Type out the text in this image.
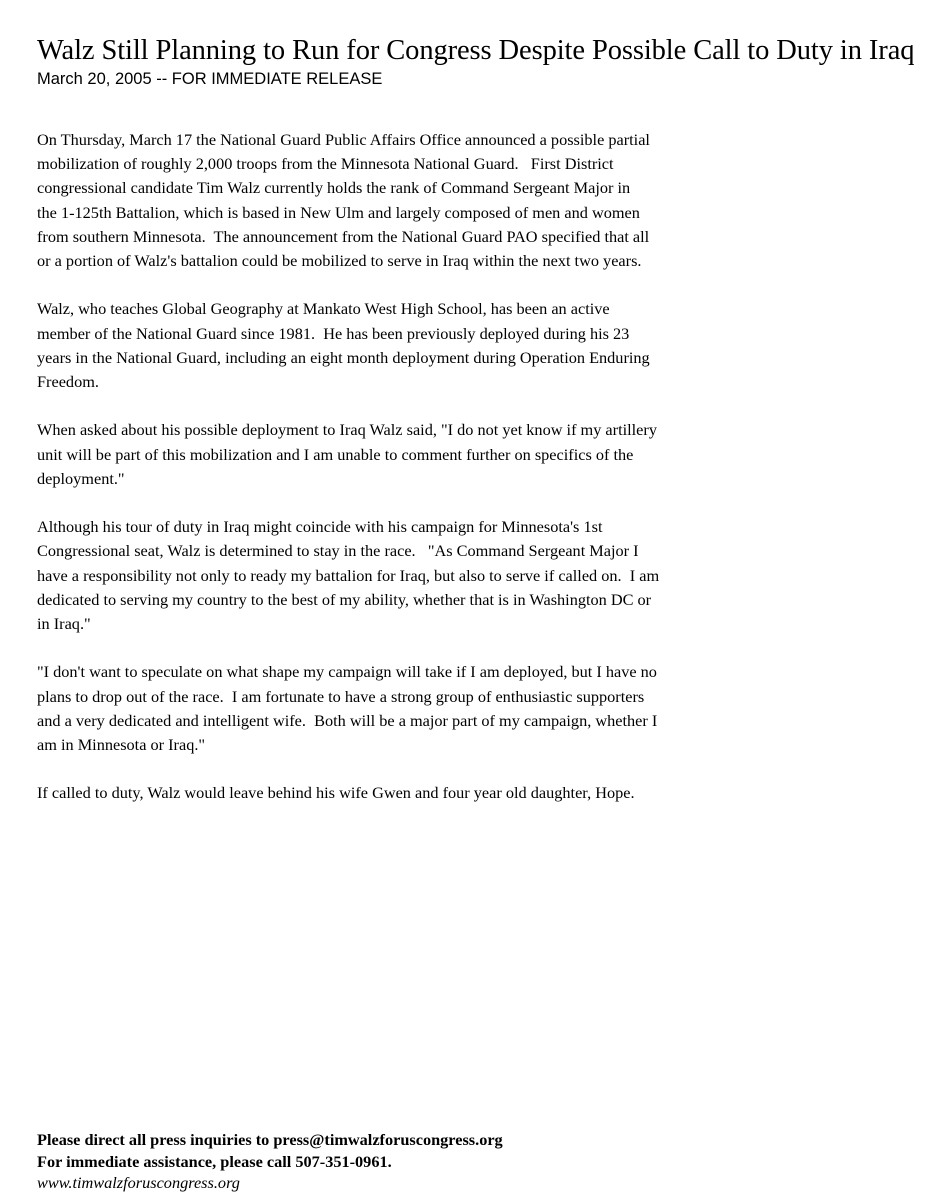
Walz Still Planning to Run for Congress Despite Possible Call to Duty in Iraq
March 20, 2005 -- FOR IMMEDIATE RELEASE

On Thursday, March 17 the National Guard Public Affairs Office announced a possible partial
mobilization of roughly 2,000 troops from the Minnesota National Guard.   First District
congressional candidate Tim Walz currently holds the rank of Command Sergeant Major in
the 1-125th Battalion, which is based in New Ulm and largely composed of men and women
from southern Minnesota.  The announcement from the National Guard PAO specified that all
or a portion of Walz's battalion could be mobilized to serve in Iraq within the next two years.

Walz, who teaches Global Geography at Mankato West High School, has been an active
member of the National Guard since 1981.  He has been previously deployed during his 23
years in the National Guard, including an eight month deployment during Operation Enduring
Freedom.

When asked about his possible deployment to Iraq Walz said, "I do not yet know if my artillery
unit will be part of this mobilization and I am unable to comment further on specifics of the
deployment."

Although his tour of duty in Iraq might coincide with his campaign for Minnesota's 1st
Congressional seat, Walz is determined to stay in the race.   "As Command Sergeant Major I
have a responsibility not only to ready my battalion for Iraq, but also to serve if called on.  I am
dedicated to serving my country to the best of my ability, whether that is in Washington DC or
in Iraq."

"I don't want to speculate on what shape my campaign will take if I am deployed, but I have no
plans to drop out of the race.  I am fortunate to have a strong group of enthusiastic supporters
and a very dedicated and intelligent wife.  Both will be a major part of my campaign, whether I
am in Minnesota or Iraq."

If called to duty, Walz would leave behind his wife Gwen and four year old daughter, Hope.

Please direct all press inquiries to press@timwalzforuscongress.org
For immediate assistance, please call 507-351-0961.
www.timwalzforuscongress.org
